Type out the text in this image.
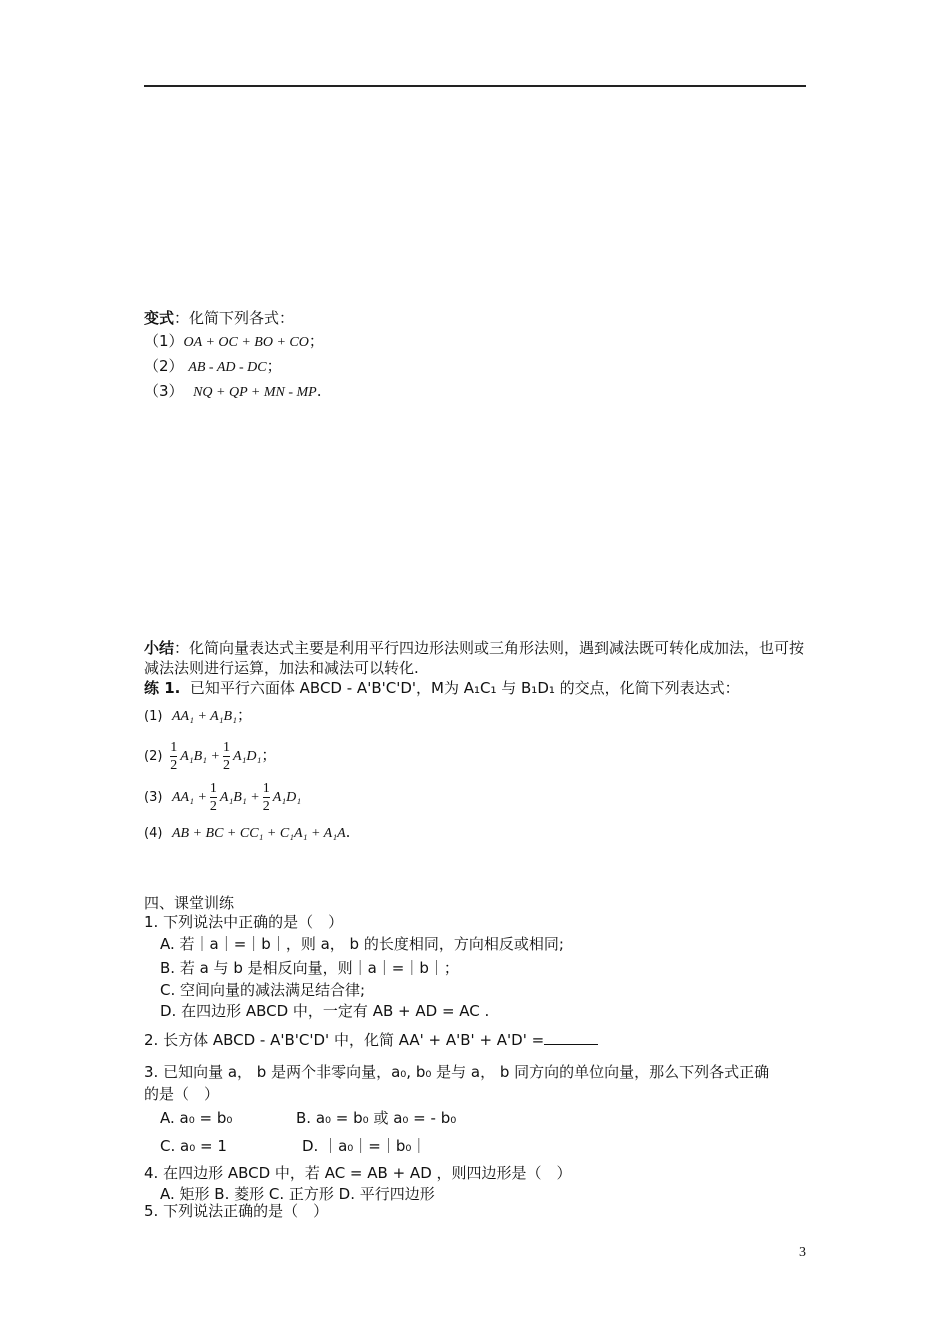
变式：化简下列各式：
（1）OA + OC + BO + CO；
（2） AB - AD - DC；
（3） NQ + QP + MN - MP.
小结：化简向量表达式主要是利用平行四边形法则或三角形法则，遇到减法既可转化成加法，也可按减法法则进行运算，加法和减法可以转化.
练 1. 已知平行六面体 ABCD - A'B'C'D'，M为 A₁C₁ 与 B₁D₁ 的交点，化简下列表达式：
(1) AA₁ + A₁B₁；
$(2) \frac{1}{2} A_1B_1 + \frac{1}{2} A_1D_1$；
(3) $AA_1 + \frac{1}{2} A_1B_1 + \frac{1}{2} A_1D_1$
(4) AB + BC + CC₁ + C₁A₁ + A₁A.
四、课堂训练
1. 下列说法中正确的是（　）
A. 若｜a｜=｜b｜，则 a， b 的长度相同，方向相反或相同;
B. 若 a 与 b 是相反向量，则｜a｜=｜b｜；
C. 空间向量的减法满足结合律;
D. 在四边形 ABCD 中，一定有 AB + AD = AC .
2. 长方体 ABCD - A'B'C'D' 中，化简 AA' + A'B' + A'D' =
3. 已知向量 a， b 是两个非零向量，a₀, b₀ 是与 a， b 同方向的单位向量，那么下列各式正确
的是（　）
A. a₀ = b₀	B. a₀ = b₀ 或 a₀ = - b₀
C. a₀ = 1	D. ｜a₀｜=｜b₀｜
4. 在四边形 ABCD 中，若 AC = AB + AD ，则四边形是（　）
A. 矩形 B. 菱形 C. 正方形 D. 平行四边形
5. 下列说法正确的是（　）
3
